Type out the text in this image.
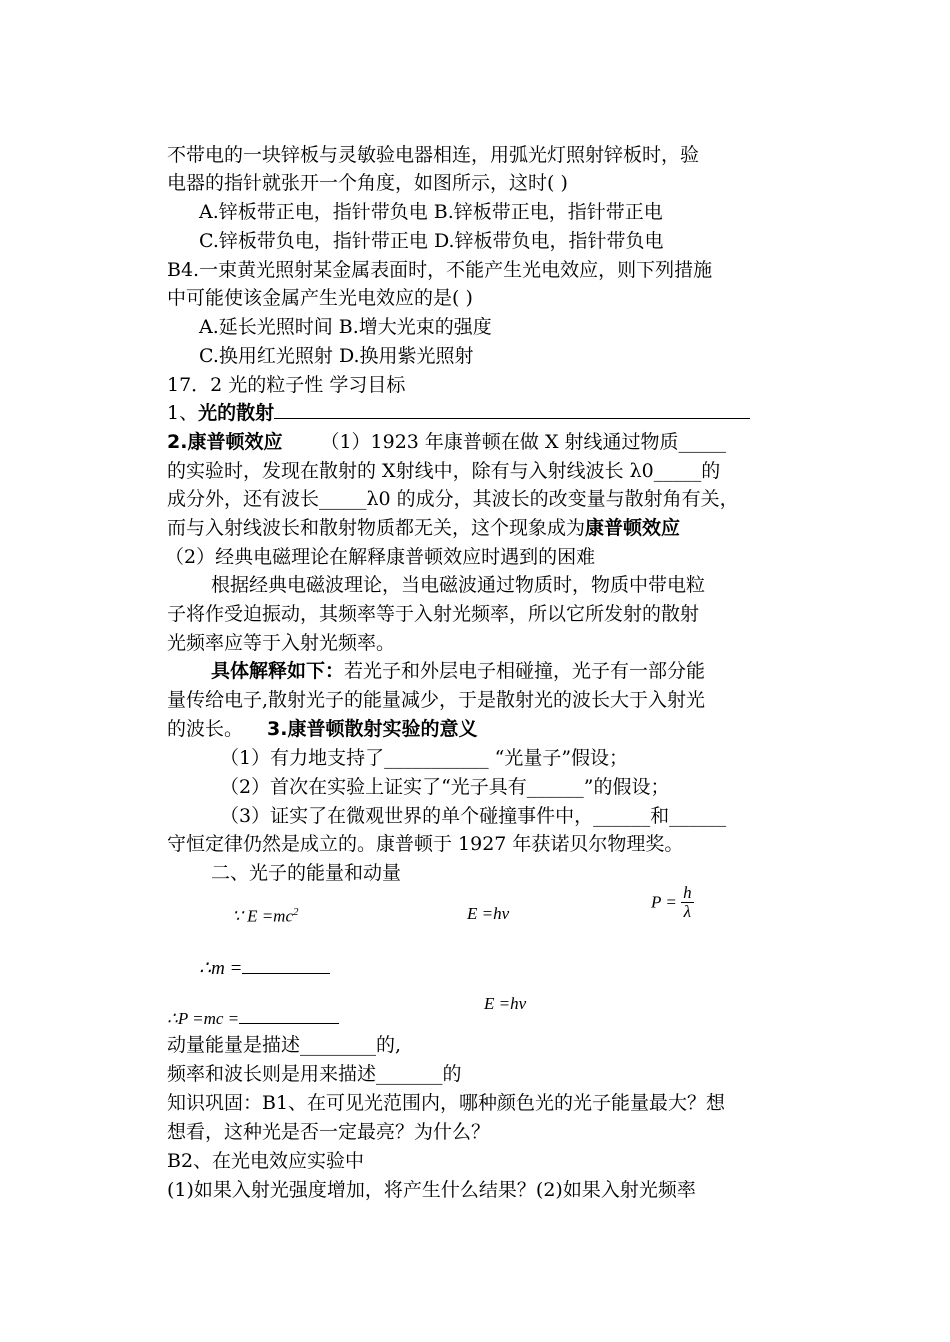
不带电的一块锌板与灵敏验电器相连，用弧光灯照射锌板时，验
电器的指针就张开一个角度，如图所示，这时( )
A.锌板带正电，指针带负电 B.锌板带正电，指针带正电
C.锌板带负电，指针带正电 D.锌板带负电，指针带负电
B4.一束黄光照射某金属表面时，不能产生光电效应，则下列措施
中可能使该金属产生光电效应的是( )
A.延长光照时间 B.增大光束的强度
C.换用红光照射 D.换用紫光照射
17．2 光的粒子性 学习目标
1、光的散射
2.康普顿效应 （1）1923 年康普顿在做 X 射线通过物质_____
的实验时，发现在散射的 X射线中，除有与入射线波长 λ0_____的
成分外，还有波长_____λ0 的成分，其波长的改变量与散射角有关，
而与入射线波长和散射物质都无关，这个现象成为康普顿效应
（2）经典电磁理论在解释康普顿效应时遇到的困难
根据经典电磁波理论，当电磁波通过物质时，物质中带电粒
子将作受迫振动，其频率等于入射光频率，所以它所发射的散射
光频率应等于入射光频率。
具体解释如下：若光子和外层电子相碰撞，光子有一部分能
量传给电子,散射光子的能量减少，于是散射光的波长大于入射光
的波长。 3.康普顿散射实验的意义
（1）有力地支持了___________ “光量子”假设；
（2）首次在实验上证实了“光子具有______”的假设；
（3）证实了在微观世界的单个碰撞事件中，______和______
守恒定律仍然是成立的。康普顿于 1927 年获诺贝尔物理奖。
二、光子的能量和动量
∵ $E =mc^2$	E =hν
$P = \frac{h}{\lambda}$
∴m =
E =hν
∴P =mc =
动量能量是描述________的,
频率和波长则是用来描述_______的
知识巩固：B1、在可见光范围内，哪种颜色光的光子能量最大？想
想看，这种光是否一定最亮？为什么？
B2、在光电效应实验中
(1)如果入射光强度增加，将产生什么结果？(2)如果入射光频率
